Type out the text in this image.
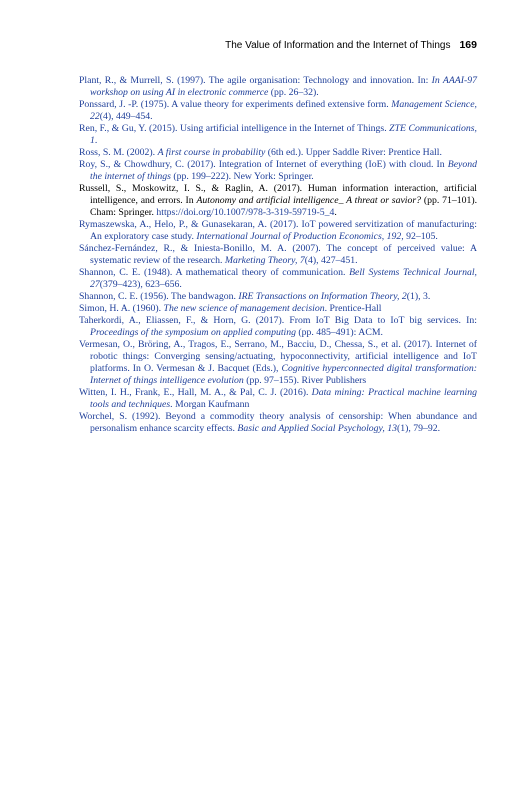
The Value of Information and the Internet of Things 169

Plant, R., & Murrell, S. (1997). The agile organisation: Technology and innovation. In: In AAAI-97 workshop on using AI in electronic commerce (pp. 26–32).

Ponssard, J. -P. (1975). A value theory for experiments defined extensive form. Management Science, 22(4), 449–454.

Ren, F., & Gu, Y. (2015). Using artificial intelligence in the Internet of Things. ZTE Communications, 1.

Ross, S. M. (2002). A first course in probability (6th ed.). Upper Saddle River: Prentice Hall.

Roy, S., & Chowdhury, C. (2017). Integration of Internet of everything (IoE) with cloud. In Beyond the internet of things (pp. 199–222). New York: Springer.

Russell, S., Moskowitz, I. S., & Raglin, A. (2017). Human information interaction, artificial intelligence, and errors. In Autonomy and artificial intelligence_ A threat or savior? (pp. 71–101). Cham: Springer. https://doi.org/10.1007/978-3-319-59719-5_4.

Rymaszewska, A., Helo, P., & Gunasekaran, A. (2017). IoT powered servitization of manufacturing: An exploratory case study. International Journal of Production Economics, 192, 92–105.

Sánchez-Fernández, R., & Iniesta-Bonillo, M. A. (2007). The concept of perceived value: A systematic review of the research. Marketing Theory, 7(4), 427–451.

Shannon, C. E. (1948). A mathematical theory of communication. Bell Systems Technical Journal, 27(379–423), 623–656.

Shannon, C. E. (1956). The bandwagon. IRE Transactions on Information Theory, 2(1), 3.

Simon, H. A. (1960). The new science of management decision. Prentice-Hall

Taherkordi, A., Eliassen, F., & Horn, G. (2017). From IoT Big Data to IoT big services. In: Proceedings of the symposium on applied computing (pp. 485–491): ACM.

Vermesan, O., Bröring, A., Tragos, E., Serrano, M., Bacciu, D., Chessa, S., et al. (2017). Internet of robotic things: Converging sensing/actuating, hypoconnectivity, artificial intelligence and IoT platforms. In O. Vermesan & J. Bacquet (Eds.), Cognitive hyperconnected digital transformation: Internet of things intelligence evolution (pp. 97–155). River Publishers

Witten, I. H., Frank, E., Hall, M. A., & Pal, C. J. (2016). Data mining: Practical machine learning tools and techniques. Morgan Kaufmann

Worchel, S. (1992). Beyond a commodity theory analysis of censorship: When abundance and personalism enhance scarcity effects. Basic and Applied Social Psychology, 13(1), 79–92.
